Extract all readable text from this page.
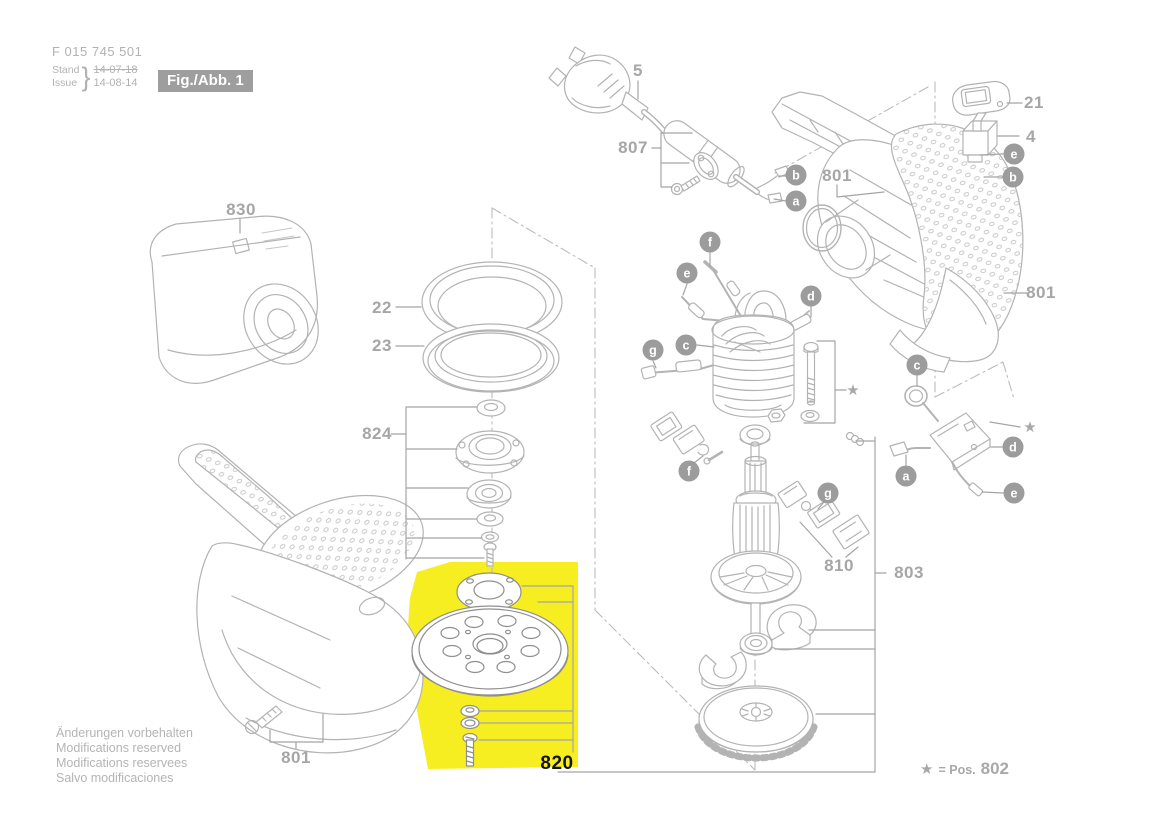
F 015 745 501
Stand
Issue } 14-07-18
14-08-14	Fig./Abb. 1
830
22
23
824
801
5
807
801
21
4
801
803
810
820
b
a
f
e
d
c
g
e
b
c
d
a
e
f
g
★
★
Änderungen vorbehalten
Modifications reserved
Modifications reservees
Salvo modificaciones	★ = Pos. 802
